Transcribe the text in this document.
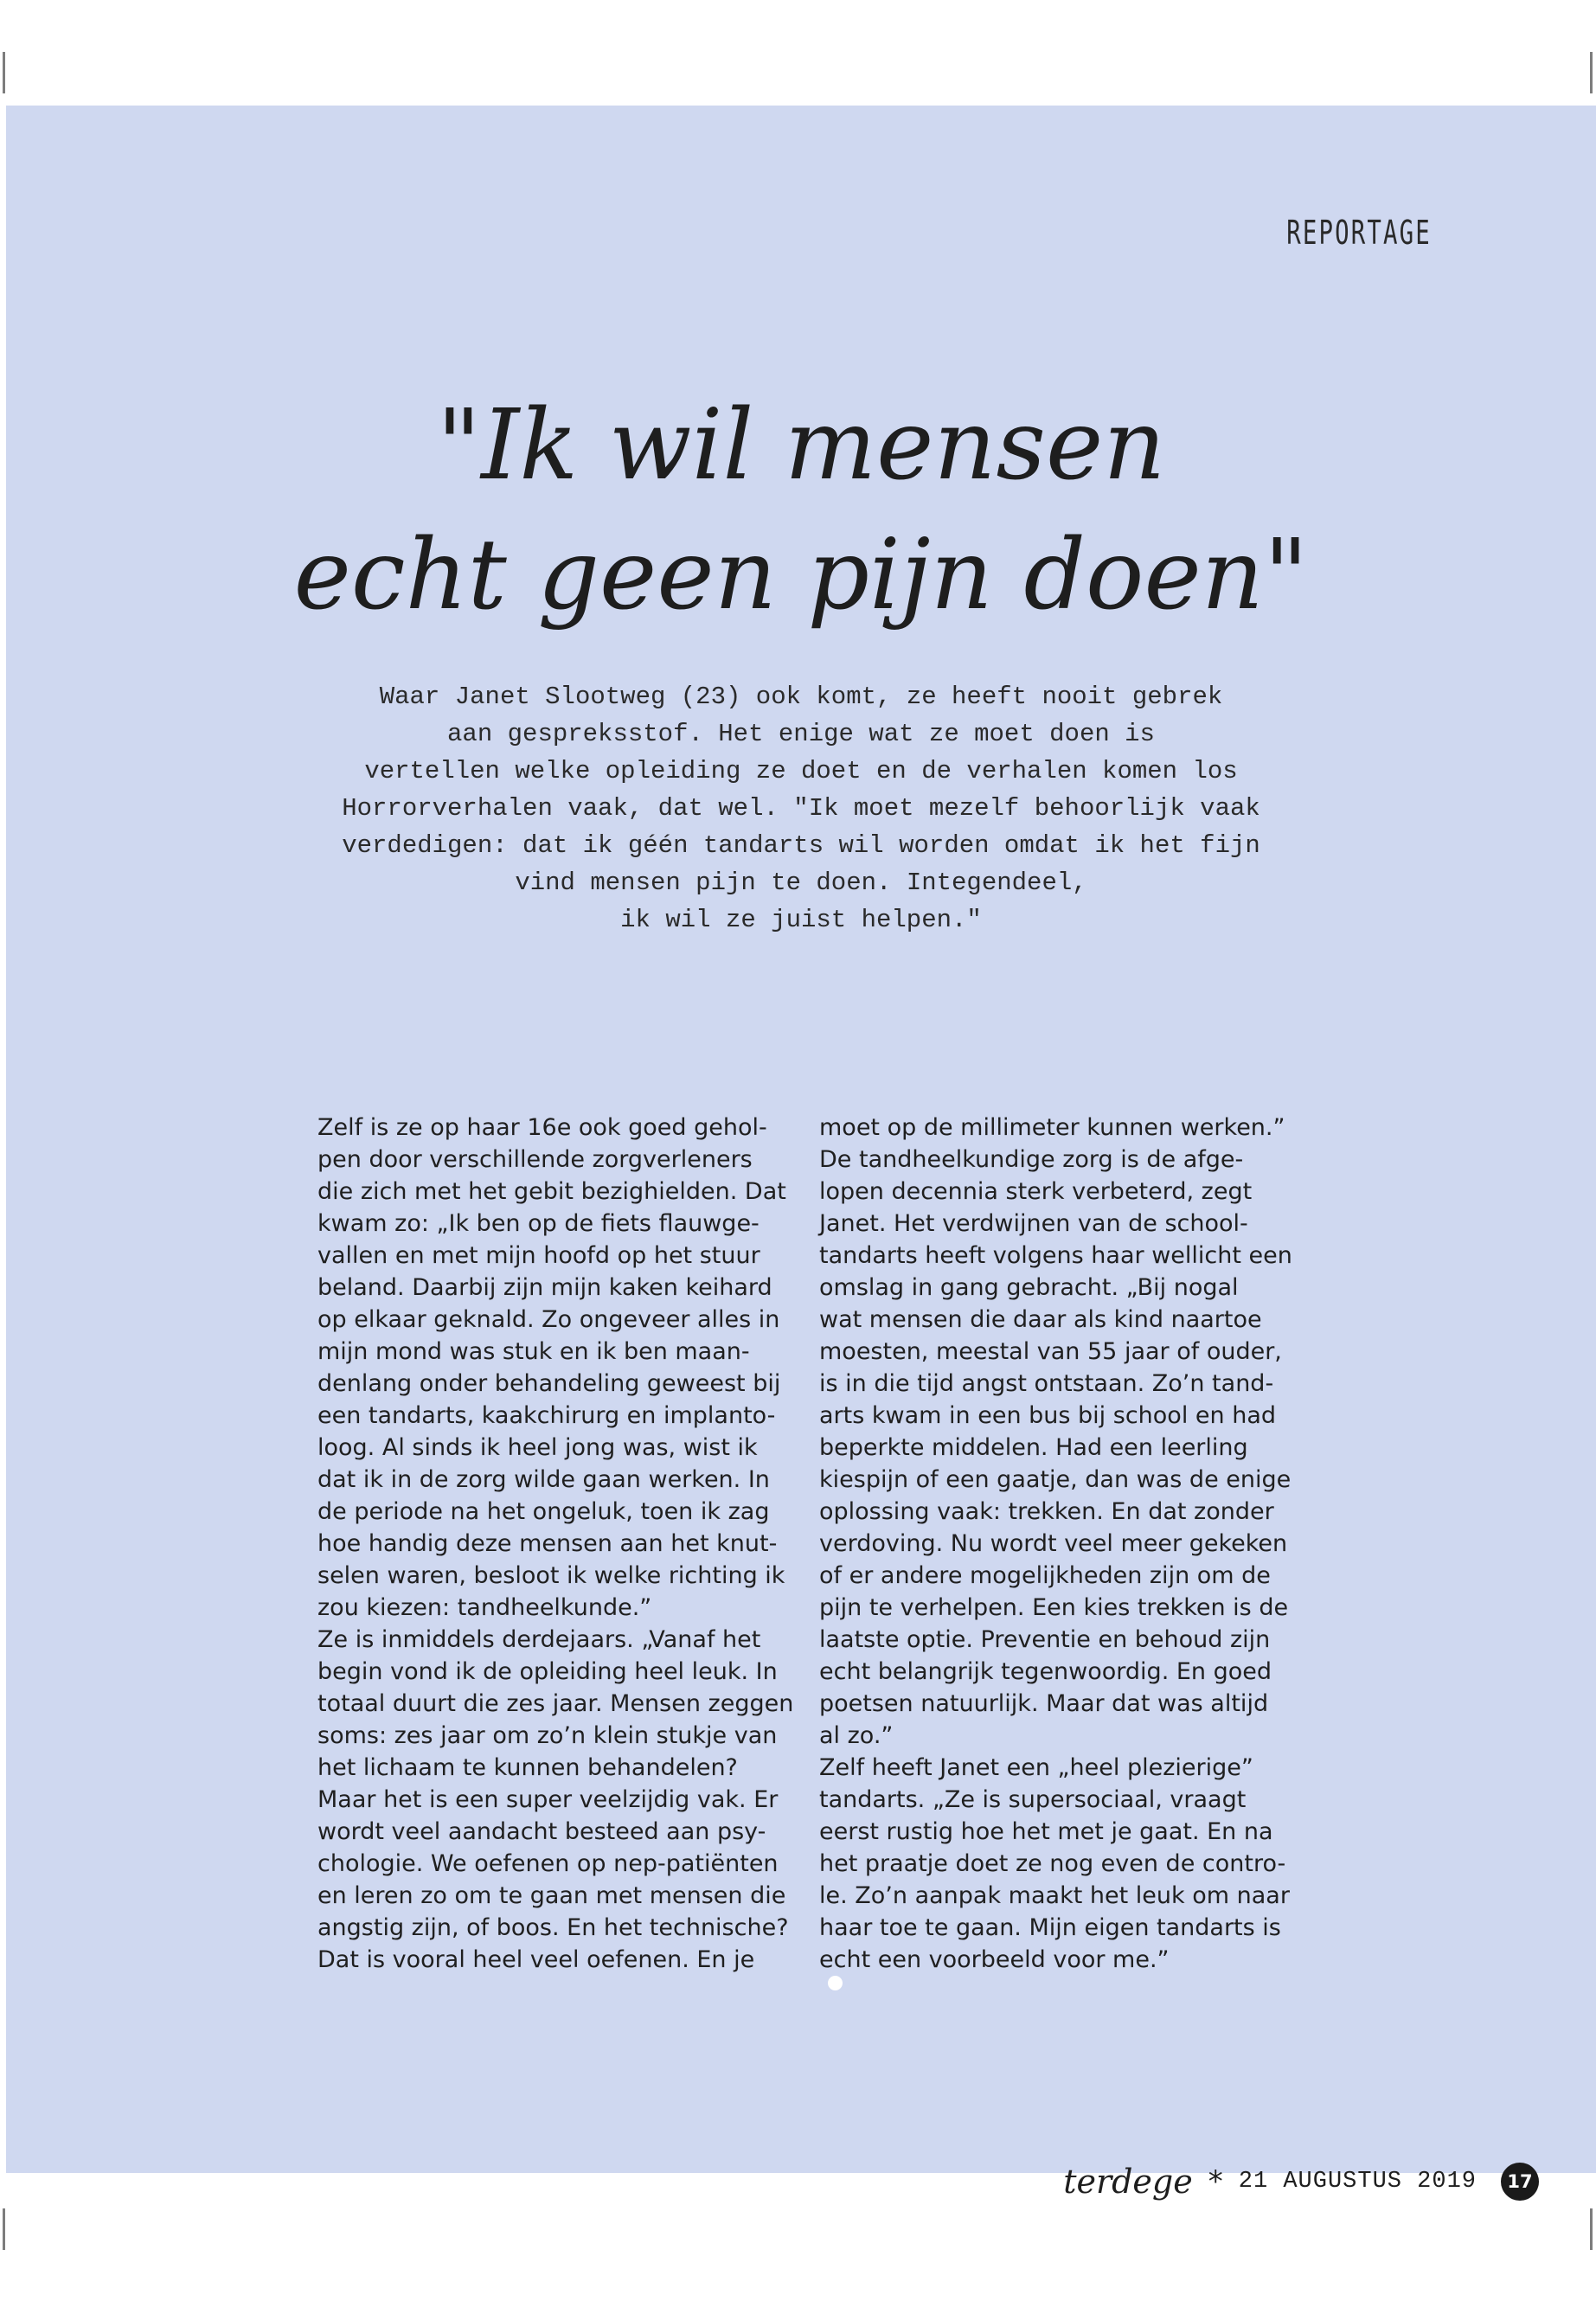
REPORTAGE
"Ik wil mensen
echt geen pijn doen"

Waar Janet Slootweg (23) ook komt, ze heeft nooit gebrek
aan gespreksstof. Het enige wat ze moet doen is
vertellen welke opleiding ze doet en de verhalen komen los
Horrorverhalen vaak, dat wel. "Ik moet mezelf behoorlijk vaak
verdedigen: dat ik géén tandarts wil worden omdat ik het fijn
vind mensen pijn te doen. Integendeel,
ik wil ze juist helpen."

Zelf is ze op haar 16e ook goed gehol-
pen door verschillende zorgverleners
die zich met het gebit bezighielden. Dat
kwam zo: „Ik ben op de fiets flauwge-
vallen en met mijn hoofd op het stuur
beland. Daarbij zijn mijn kaken keihard
op elkaar geknald. Zo ongeveer alles in
mijn mond was stuk en ik ben maan-
denlang onder behandeling geweest bij
een tandarts, kaakchirurg en implanto-
loog. Al sinds ik heel jong was, wist ik
dat ik in de zorg wilde gaan werken. In
de periode na het ongeluk, toen ik zag
hoe handig deze mensen aan het knut-
selen waren, besloot ik welke richting ik
zou kiezen: tandheelkunde.”
Ze is inmiddels derdejaars. „Vanaf het
begin vond ik de opleiding heel leuk. In
totaal duurt die zes jaar. Mensen zeggen
soms: zes jaar om zo’n klein stukje van
het lichaam te kunnen behandelen?
Maar het is een super veelzijdig vak. Er
wordt veel aandacht besteed aan psy-
chologie. We oefenen op nep-patiënten
en leren zo om te gaan met mensen die
angstig zijn, of boos. En het technische?
Dat is vooral heel veel oefenen. En je
moet op de millimeter kunnen werken.”
De tandheelkundige zorg is de afge-
lopen decennia sterk verbeterd, zegt
Janet. Het verdwijnen van de school-
tandarts heeft volgens haar wellicht een
omslag in gang gebracht. „Bij nogal
wat mensen die daar als kind naartoe
moesten, meestal van 55 jaar of ouder,
is in die tijd angst ontstaan. Zo’n tand-
arts kwam in een bus bij school en had
beperkte middelen. Had een leerling
kiespijn of een gaatje, dan was de enige
oplossing vaak: trekken. En dat zonder
verdoving. Nu wordt veel meer gekeken
of er andere mogelijkheden zijn om de
pijn te verhelpen. Een kies trekken is de
laatste optie. Preventie en behoud zijn
echt belangrijk tegenwoordig. En goed
poetsen natuurlijk. Maar dat was altijd
al zo.”
Zelf heeft Janet een „heel plezierige”
tandarts. „Ze is supersociaal, vraagt
eerst rustig hoe het met je gaat. En na
het praatje doet ze nog even de contro-
le. Zo’n aanpak maakt het leuk om naar
haar toe te gaan. Mijn eigen tandarts is
echt een voorbeeld voor me.”
terdege * 21 AUGUSTUS 2019	17
